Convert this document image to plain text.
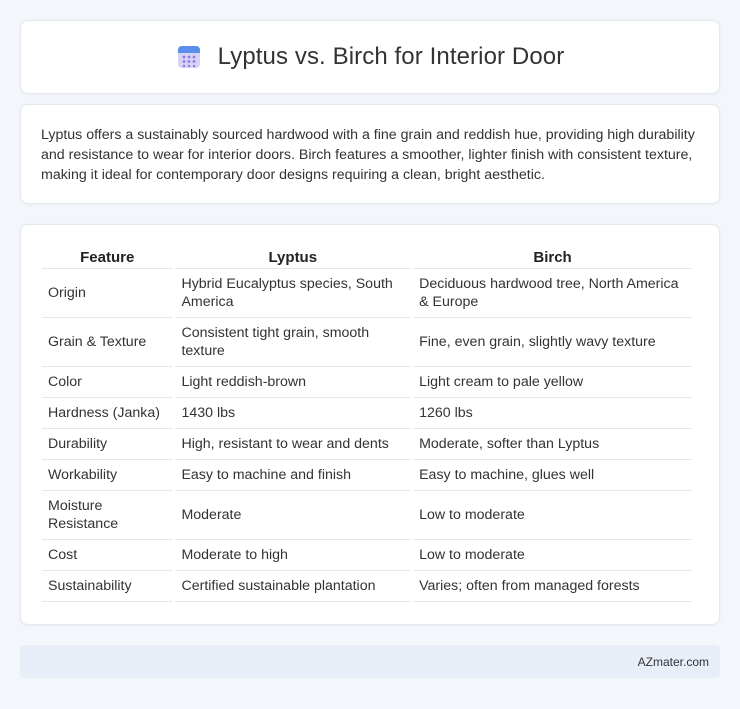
Lyptus vs. Birch for Interior Door

Lyptus offers a sustainably sourced hardwood with a fine grain and reddish hue, providing high durability and resistance to wear for interior doors. Birch features a smoother, lighter finish with consistent texture, making it ideal for contemporary door designs requiring a clean, bright aesthetic.

Feature	Lyptus	Birch
Origin	Hybrid Eucalyptus species, South America	Deciduous hardwood tree, North America & Europe
Grain & Texture	Consistent tight grain, smooth texture	Fine, even grain, slightly wavy texture
Color	Light reddish-brown	Light cream to pale yellow
Hardness (Janka)	1430 lbs	1260 lbs
Durability	High, resistant to wear and dents	Moderate, softer than Lyptus
Workability	Easy to machine and finish	Easy to machine, glues well
Moisture Resistance	Moderate	Low to moderate
Cost	Moderate to high	Low to moderate
Sustainability	Certified sustainable plantation	Varies; often from managed forests
AZmater.com
